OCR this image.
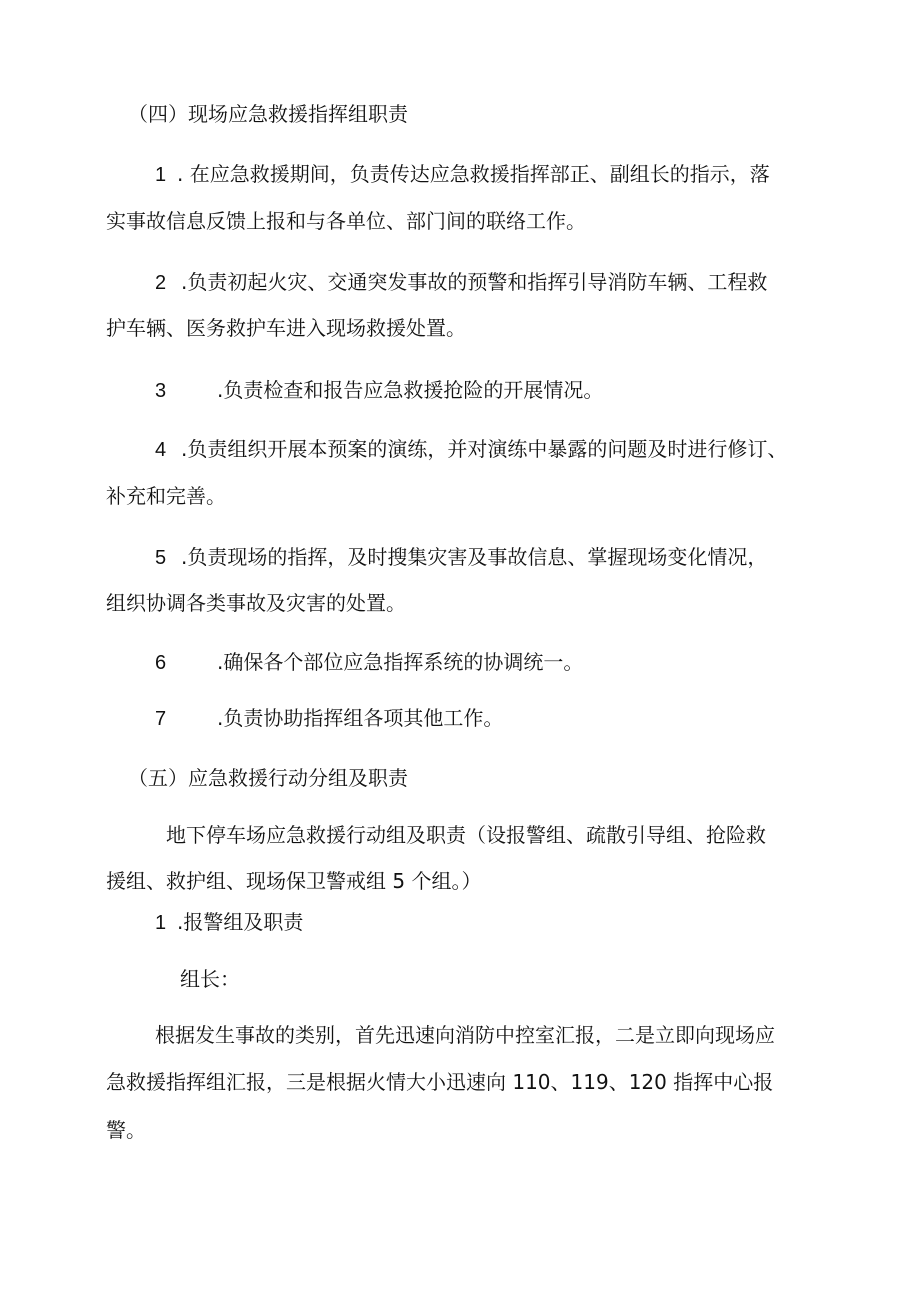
（四）现场应急救援指挥组职责
1 . 在应急救援期间，负责传达应急救援指挥部正、副组长的指示，落
实事故信息反馈上报和与各单位、部门间的联络工作。
2 .负责初起火灾、交通突发事故的预警和指挥引导消防车辆、工程救
护车辆、医务救护车进入现场救援处置。
3	.负责检查和报告应急救援抢险的开展情况。
4 .负责组织开展本预案的演练，并对演练中暴露的问题及时进行修订、
补充和完善。
5 .负责现场的指挥，及时搜集灾害及事故信息、掌握现场变化情况，
组织协调各类事故及灾害的处置。
6	.确保各个部位应急指挥系统的协调统一。
7	.负责协助指挥组各项其他工作。
（五）应急救援行动分组及职责
地下停车场应急救援行动组及职责（设报警组、疏散引导组、抢险救
援组、救护组、现场保卫警戒组 5 个组。）
1 .报警组及职责
组长：
根据发生事故的类别，首先迅速向消防中控室汇报，二是立即向现场应
急救援指挥组汇报，三是根据火情大小迅速向 110、119、120 指挥中心报
警。
